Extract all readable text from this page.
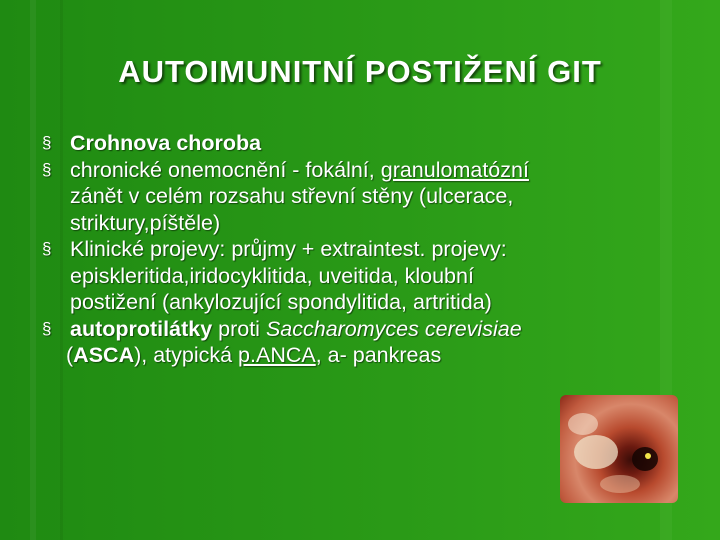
AUTOIMUNITNÍ POSTIŽENÍ GIT
§ Crohnova choroba
§ chronické onemocnění - fokální, granulomatózní
zánět v celém rozsahu střevní stěny (ulcerace,
striktury,píštěle)
§ Klinické projevy: průjmy + extraintest. projevy:
episkleritida,iridocyklitida, uveitida, kloubní
postižení (ankylozující spondylitida, artritida)
§ autoprotilátky proti Saccharomyces cerevisiae
(ASCA), atypická p.ANCA, a- pankreas
